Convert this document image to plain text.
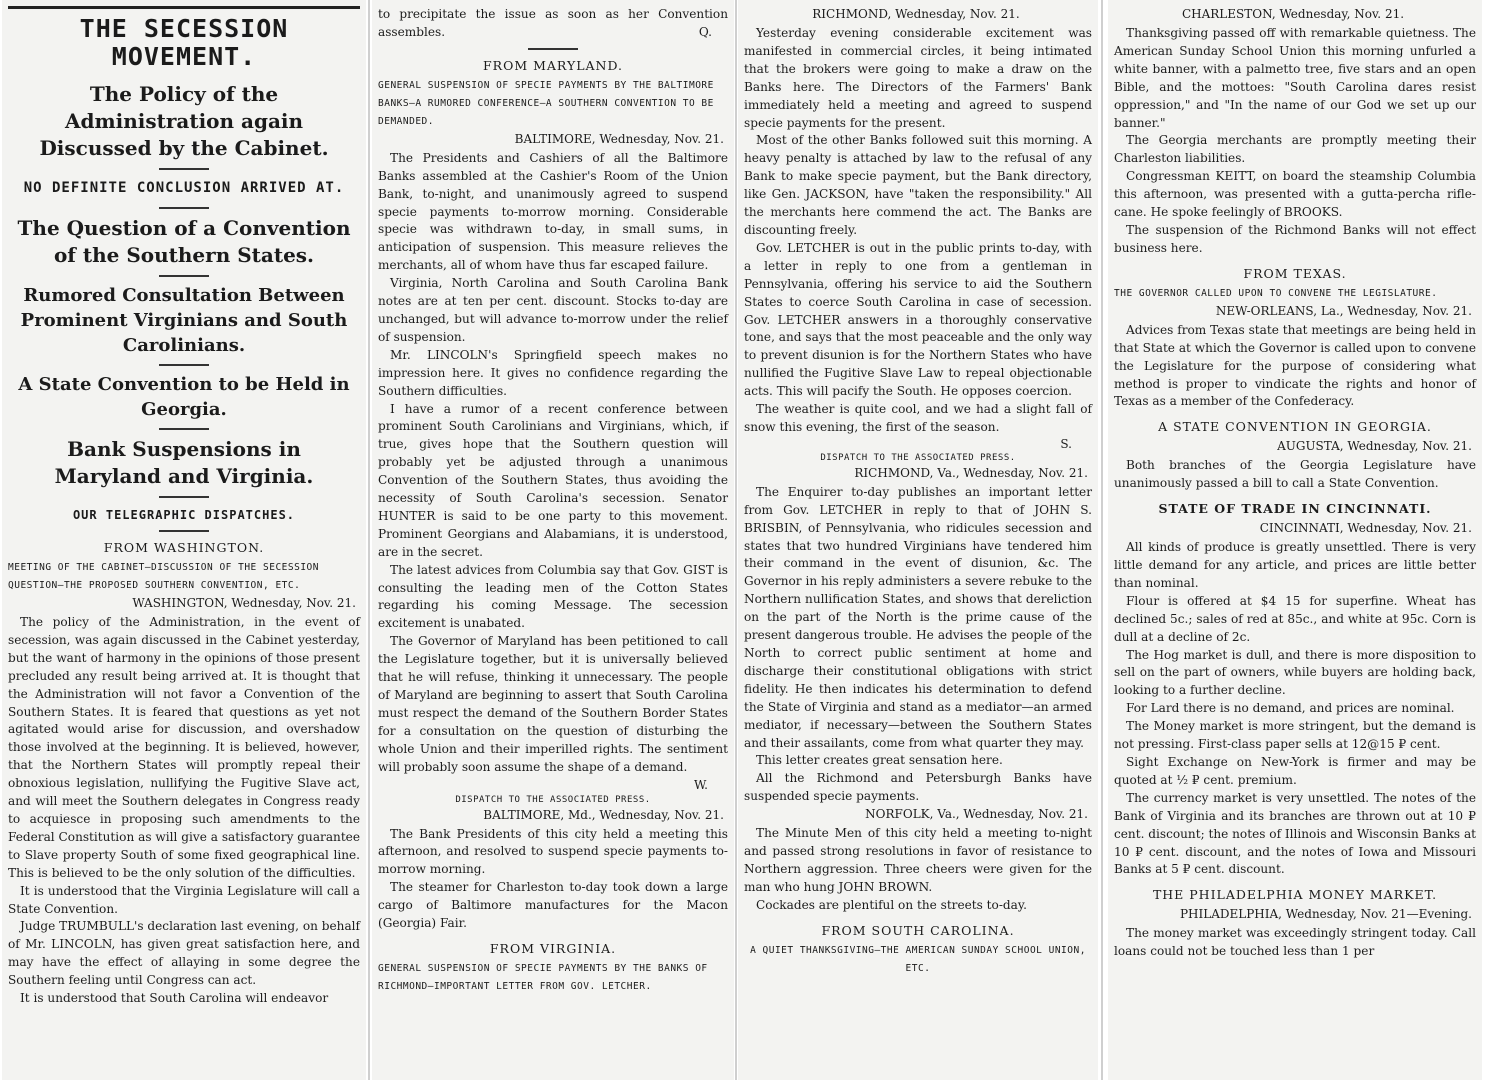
THE SECESSION MOVEMENT.
The Policy of the Administration again Discussed by the Cabinet.
NO DEFINITE CONCLUSION ARRIVED AT.
The Question of a Convention of the Southern States.
Rumored Consultation Between Prominent Virginians and South Carolinians.
A State Convention to be Held in Georgia.
Bank Suspensions in Maryland and Virginia.
OUR TELEGRAPHIC DISPATCHES.
FROM WASHINGTON.
MEETING OF THE CABINET—DISCUSSION OF THE SECESSION QUESTION—THE PROPOSED SOUTHERN CONVENTION, ETC.
WASHINGTON, Wednesday, Nov. 21.

The policy of the Administration, in the event of secession, was again discussed in the Cabinet yesterday, but the want of harmony in the opinions of those present precluded any result being arrived at. It is thought that the Administration will not favor a Convention of the Southern States. It is feared that questions as yet not agitated would arise for discussion, and overshadow those involved at the beginning. It is believed, however, that the Northern States will promptly repeal their obnoxious legislation, nullifying the Fugitive Slave act, and will meet the Southern delegates in Congress ready to acquiesce in proposing such amendments to the Federal Constitution as will give a satisfactory guarantee to Slave property South of some fixed geographical line. This is believed to be the only solution of the difficulties.

It is understood that the Virginia Legislature will call a State Convention.

Judge TRUMBULL's declaration last evening, on behalf of Mr. LINCOLN, has given great satisfaction here, and may have the effect of allaying in some degree the Southern feeling until Congress can act.

It is understood that South Carolina will endeavor

to precipitate the issue as soon as her Convention assembles.	Q.

FROM MARYLAND.
GENERAL SUSPENSION OF SPECIE PAYMENTS BY THE BALTIMORE BANKS—A RUMORED CONFERENCE—A SOUTHERN CONVENTION TO BE DEMANDED.
BALTIMORE, Wednesday, Nov. 21.

The Presidents and Cashiers of all the Baltimore Banks assembled at the Cashier's Room of the Union Bank, to-night, and unanimously agreed to suspend specie payments to-morrow morning. Considerable specie was withdrawn to-day, in small sums, in anticipation of suspension. This measure relieves the merchants, all of whom have thus far escaped failure.

Virginia, North Carolina and South Carolina Bank notes are at ten per cent. discount. Stocks to-day are unchanged, but will advance to-morrow under the relief of suspension.

Mr. LINCOLN's Springfield speech makes no impression here. It gives no confidence regarding the Southern difficulties.

I have a rumor of a recent conference between prominent South Carolinians and Virginians, which, if true, gives hope that the Southern question will probably yet be adjusted through a unanimous Convention of the Southern States, thus avoiding the necessity of South Carolina's secession. Senator HUNTER is said to be one party to this movement. Prominent Georgians and Alabamians, it is understood, are in the secret.

The latest advices from Columbia say that Gov. GIST is consulting the leading men of the Cotton States regarding his coming Message. The secession excitement is unabated.

The Governor of Maryland has been petitioned to call the Legislature together, but it is universally believed that he will refuse, thinking it unnecessary. The people of Maryland are beginning to assert that South Carolina must respect the demand of the Southern Border States for a consultation on the question of disturbing the whole Union and their imperilled rights. The sentiment will probably soon assume the shape of a demand.

W.
DISPATCH TO THE ASSOCIATED PRESS.
BALTIMORE, Md., Wednesday, Nov. 21.

The Bank Presidents of this city held a meeting this afternoon, and resolved to suspend specie payments to-morrow morning.

The steamer for Charleston to-day took down a large cargo of Baltimore manufactures for the Macon (Georgia) Fair.

FROM VIRGINIA.
GENERAL SUSPENSION OF SPECIE PAYMENTS BY THE BANKS OF RICHMOND—IMPORTANT LETTER FROM GOV. LETCHER.
RICHMOND, Wednesday, Nov. 21.

Yesterday evening considerable excitement was manifested in commercial circles, it being intimated that the brokers were going to make a draw on the Banks here. The Directors of the Farmers' Bank immediately held a meeting and agreed to suspend specie payments for the present.

Most of the other Banks followed suit this morning. A heavy penalty is attached by law to the refusal of any Bank to make specie payment, but the Bank directory, like Gen. JACKSON, have "taken the responsibility." All the merchants here commend the act. The Banks are discounting freely.

Gov. LETCHER is out in the public prints to-day, with a letter in reply to one from a gentleman in Pennsylvania, offering his service to aid the Southern States to coerce South Carolina in case of secession. Gov. LETCHER answers in a thoroughly conservative tone, and says that the most peaceable and the only way to prevent disunion is for the Northern States who have nullified the Fugitive Slave Law to repeal objectionable acts. This will pacify the South. He opposes coercion.

The weather is quite cool, and we had a slight fall of snow this evening, the first of the season.

S.
DISPATCH TO THE ASSOCIATED PRESS.
RICHMOND, Va., Wednesday, Nov. 21.

The Enquirer to-day publishes an important letter from Gov. LETCHER in reply to that of JOHN S. BRISBIN, of Pennsylvania, who ridicules secession and states that two hundred Virginians have tendered him their command in the event of disunion, &c. The Governor in his reply administers a severe rebuke to the Northern nullification States, and shows that dereliction on the part of the North is the prime cause of the present dangerous trouble. He advises the people of the North to correct public sentiment at home and discharge their constitutional obligations with strict fidelity. He then indicates his determination to defend the State of Virginia and stand as a mediator—an armed mediator, if necessary—between the Southern States and their assailants, come from what quarter they may.

This letter creates great sensation here.

All the Richmond and Petersburgh Banks have suspended specie payments.

NORFOLK, Va., Wednesday, Nov. 21.

The Minute Men of this city held a meeting to-night and passed strong resolutions in favor of resistance to Northern aggression. Three cheers were given for the man who hung JOHN BROWN.

Cockades are plentiful on the streets to-day.

FROM SOUTH CAROLINA.
A QUIET THANKSGIVING—THE AMERICAN SUNDAY SCHOOL UNION, ETC.
CHARLESTON, Wednesday, Nov. 21.

Thanksgiving passed off with remarkable quietness. The American Sunday School Union this morning unfurled a white banner, with a palmetto tree, five stars and an open Bible, and the mottoes: "South Carolina dares resist oppression," and "In the name of our God we set up our banner."

The Georgia merchants are promptly meeting their Charleston liabilities.

Congressman KEITT, on board the steamship Columbia this afternoon, was presented with a gutta-percha rifle-cane. He spoke feelingly of BROOKS.

The suspension of the Richmond Banks will not effect business here.

FROM TEXAS.
THE GOVERNOR CALLED UPON TO CONVENE THE LEGISLATURE.
NEW-ORLEANS, La., Wednesday, Nov. 21.

Advices from Texas state that meetings are being held in that State at which the Governor is called upon to convene the Legislature for the purpose of considering what method is proper to vindicate the rights and honor of Texas as a member of the Confederacy.

A STATE CONVENTION IN GEORGIA.
AUGUSTA, Wednesday, Nov. 21.

Both branches of the Georgia Legislature have unanimously passed a bill to call a State Convention.

STATE OF TRADE IN CINCINNATI.
CINCINNATI, Wednesday, Nov. 21.

All kinds of produce is greatly unsettled. There is very little demand for any article, and prices are little better than nominal.

Flour is offered at $4 15 for superfine. Wheat has declined 5c.; sales of red at 85c., and white at 95c. Corn is dull at a decline of 2c.

The Hog market is dull, and there is more disposition to sell on the part of owners, while buyers are holding back, looking to a further decline.

For Lard there is no demand, and prices are nominal.

The Money market is more stringent, but the demand is not pressing. First-class paper sells at 12@15 ₽ cent.

Sight Exchange on New-York is firmer and may be quoted at ½ ₽ cent. premium.

The currency market is very unsettled. The notes of the Bank of Virginia and its branches are thrown out at 10 ₽ cent. discount; the notes of Illinois and Wisconsin Banks at 10 ₽ cent. discount, and the notes of Iowa and Missouri Banks at 5 ₽ cent. discount.

THE PHILADELPHIA MONEY MARKET.
PHILADELPHIA, Wednesday, Nov. 21—Evening.

The money market was exceedingly stringent today. Call loans could not be touched less than 1 per
